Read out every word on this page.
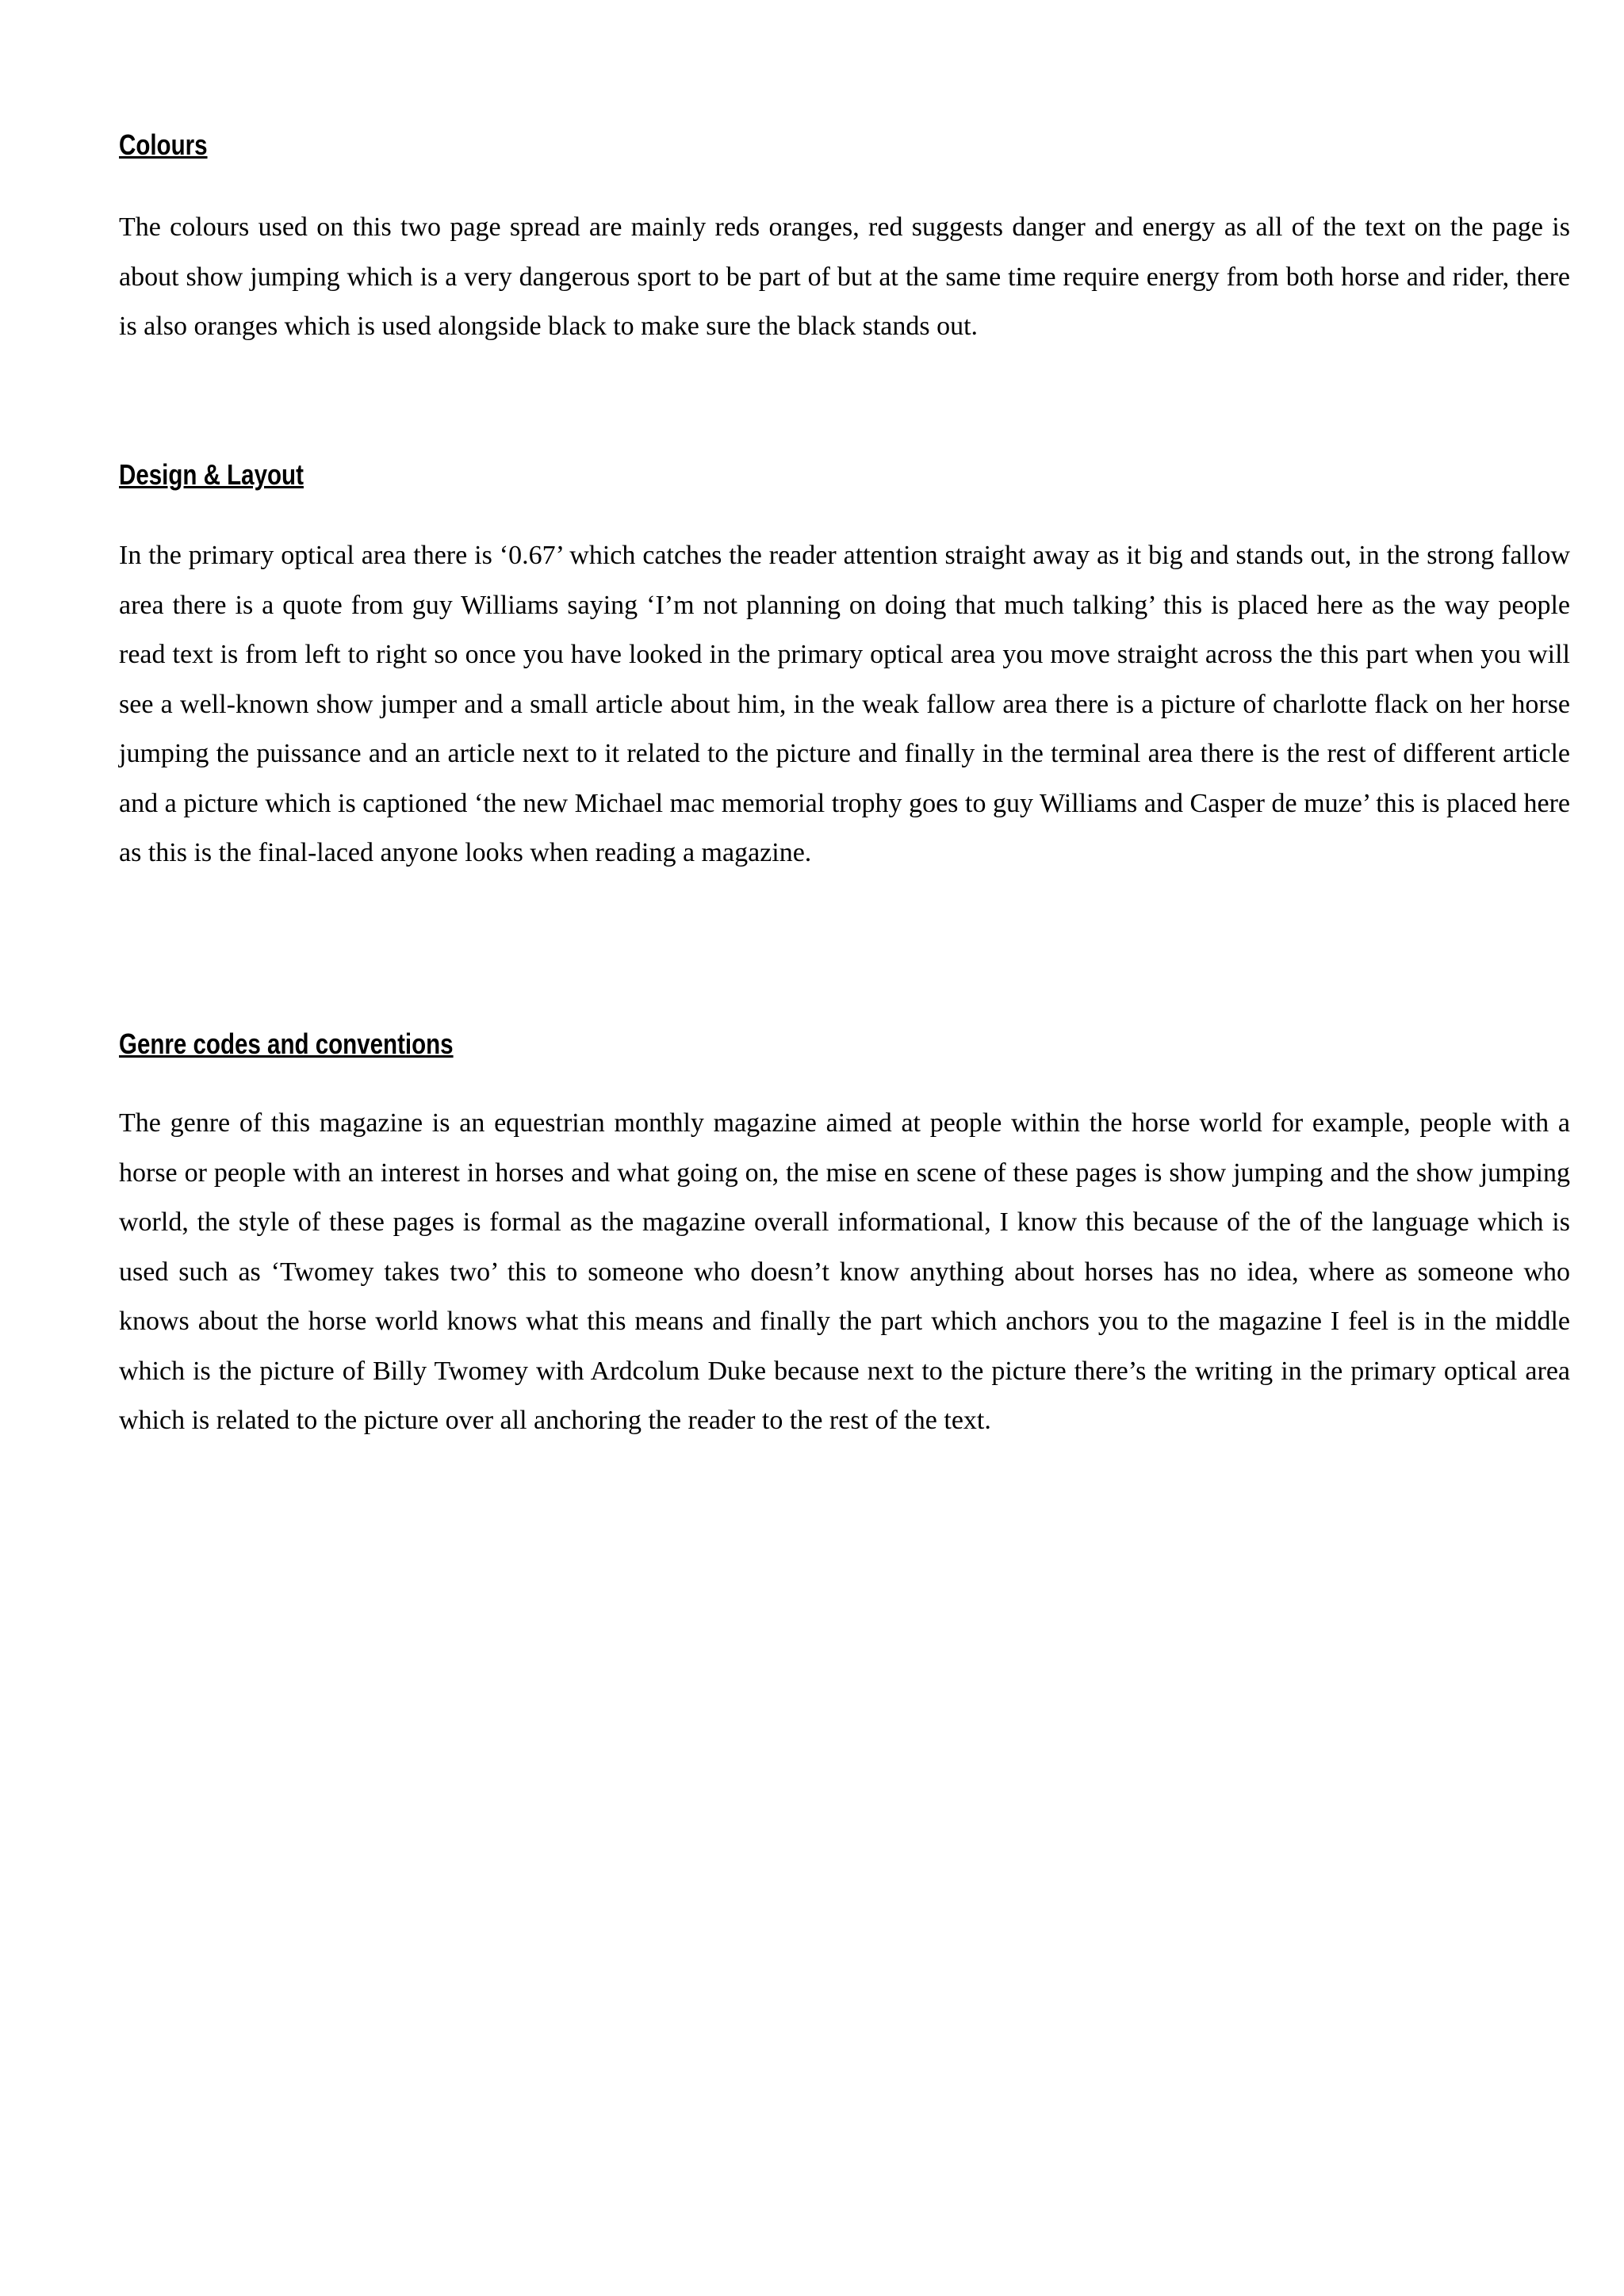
Colours

The colours used on this two page spread are mainly reds oranges, red suggests danger and energy as all of the text on the page is about show jumping which is a very dangerous sport to be part of but at the same time require energy from both horse and rider, there is also oranges which is used alongside black to make sure the black stands out.

Design & Layout

In the primary optical area there is ‘0.67’ which catches the reader attention straight away as it big and stands out, in the strong fallow area there is a quote from guy Williams saying ‘I’m not planning on doing that much talking’ this is placed here as the way people read text is from left to right so once you have looked in the primary optical area you move straight across the this part when you will see a well-known show jumper and a small article about him, in the weak fallow area there is a picture of charlotte flack on her horse jumping the puissance and an article next to it related to the picture and finally in the terminal area there is the rest of different article and a picture which is captioned ‘the new Michael mac memorial trophy goes to guy Williams and Casper de muze’ this is placed here as this is the final-laced anyone looks when reading a magazine.

Genre codes and conventions

The genre of this magazine is an equestrian monthly magazine aimed at people within the horse world for example, people with a horse or people with an interest in horses and what going on, the mise en scene of these pages is show jumping and the show jumping world, the style of these pages is formal as the magazine overall informational, I know this because of the of the language which is used such as ‘Twomey takes two’ this to someone who doesn’t know anything about horses has no idea, where as someone who knows about the horse world knows what this means and finally the part which anchors you to the magazine I feel is in the middle which is the picture of Billy Twomey with Ardcolum Duke because next to the picture there’s the writing in the primary optical area which is related to the picture over all anchoring the reader to the rest of the text.
